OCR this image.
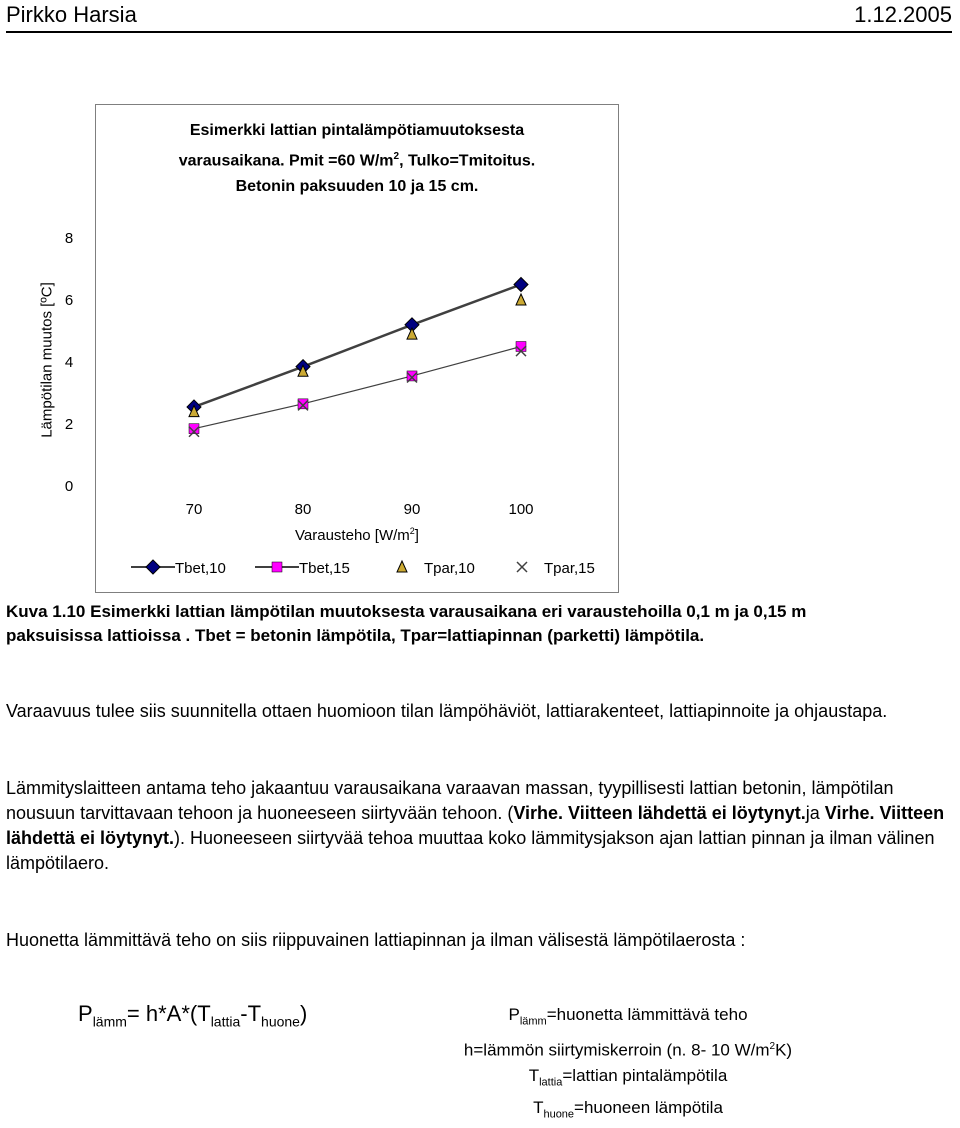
Pirkko Harsia	1.12.2005
Esimerkki lattian pintalämpötiamuutoksesta
varausaikana. Pmit =60 $W/m^2$, Tulko=Tmitoitus.
Betonin paksuuden 10 ja 15 cm.
0
2
4
6
8
70	80	90	100
Tbet,10	Tbet,15	Tpar,10	Tpar,15
Lämpötilan muutos [ºC]
Varausteho $[W/m^2]$
Kuva 1.10 Esimerkki lattian lämpötilan muutoksesta varausaikana eri varaustehoilla 0,1 m ja 0,15 m paksuisissa lattioissa . Tbet = betonin lämpötila, Tpar=lattiapinnan (parketti) lämpötila.
Varaavuus tulee siis suunnitella ottaen huomioon tilan lämpöhäviöt, lattiarakenteet, lattiapinnoite ja ohjaustapa.
Lämmityslaitteen antama teho jakaantuu varausaikana varaavan massan, tyypillisesti lattian betonin, lämpötilan nousuun tarvittavaan tehoon ja huoneeseen siirtyvään tehoon. (Virhe. Viitteen lähdettä ei löytynyt.ja Virhe. Viitteen lähdettä ei löytynyt.). Huoneeseen siirtyvää tehoa muuttaa koko lämmitysjakson ajan lattian pinnan ja ilman välinen lämpötilaero.
Huonetta lämmittävä teho on siis riippuvainen lattiapinnan ja ilman välisestä lämpötilaerosta :
$P_{lämm}= h*A*(T_{lattia}-T_{huone})$	$P_{lämm}=huonetta$ lämmittävä teho
h=lämmön siirtymiskerroin (n. 8- 10 $W/m^2K$)
$T_{lattia}=lattian$ pintalämpötila
$T_{huone}=huoneen$ lämpötila
